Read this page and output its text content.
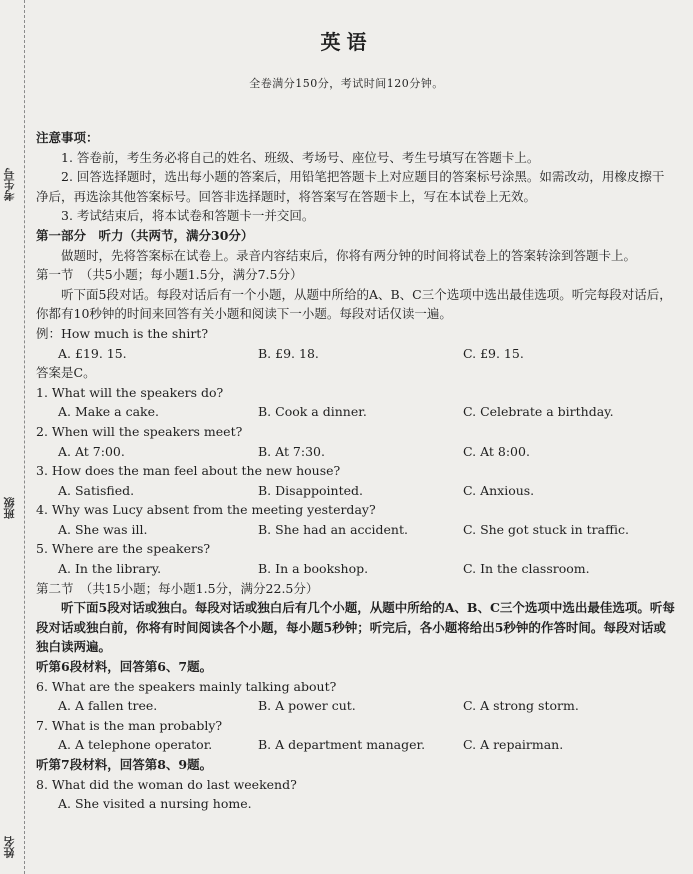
考生号
班级
姓名
英语
全卷满分150分，考试时间120分钟。

注意事项：

1. 答卷前，考生务必将自己的姓名、班级、考场号、座位号、考生号填写在答题卡上。

2. 回答选择题时，选出每小题的答案后，用铅笔把答题卡上对应题目的答案标号涂黑。如需改动，用橡皮擦干净后，再选涂其他答案标号。回答非选择题时，将答案写在答题卡上，写在本试卷上无效。

3. 考试结束后，将本试卷和答题卡一并交回。

第一部分　听力（共两节，满分30分）

做题时，先将答案标在试卷上。录音内容结束后，你将有两分钟的时间将试卷上的答案转涂到答题卡上。

第一节　（共5小题；每小题1.5分，满分7.5分）

听下面5段对话。每段对话后有一个小题，从题中所给的A、B、C三个选项中选出最佳选项。听完每段对话后，你都有10秒钟的时间来回答有关小题和阅读下一小题。每段对话仅读一遍。

例：How much is the shirt?

A. £19. 15.	B. £9. 18.	C. £9. 15.

答案是C。

1. What will the speakers do?

A. Make a cake.	B. Cook a dinner.	C. Celebrate a birthday.

2. When will the speakers meet?

A. At 7:00.	B. At 7:30.	C. At 8:00.

3. How does the man feel about the new house?

A. Satisfied.	B. Disappointed.	C. Anxious.

4. Why was Lucy absent from the meeting yesterday?

A. She was ill.	B. She had an accident.	C. She got stuck in traffic.

5. Where are the speakers?

A. In the library.	B. In a bookshop.	C. In the classroom.

第二节　（共15小题；每小题1.5分，满分22.5分）

听下面5段对话或独白。每段对话或独白后有几个小题，从题中所给的A、B、C三个选项中选出最佳选项。听每段对话或独白前，你将有时间阅读各个小题，每小题5秒钟；听完后，各小题将给出5秒钟的作答时间。每段对话或独白读两遍。

听第6段材料，回答第6、7题。

6. What are the speakers mainly talking about?

A. A fallen tree.	B. A power cut.	C. A strong storm.

7. What is the man probably?

A. A telephone operator.	B. A department manager.	C. A repairman.

听第7段材料，回答第8、9题。

8. What did the woman do last weekend?

A. She visited a nursing home.
